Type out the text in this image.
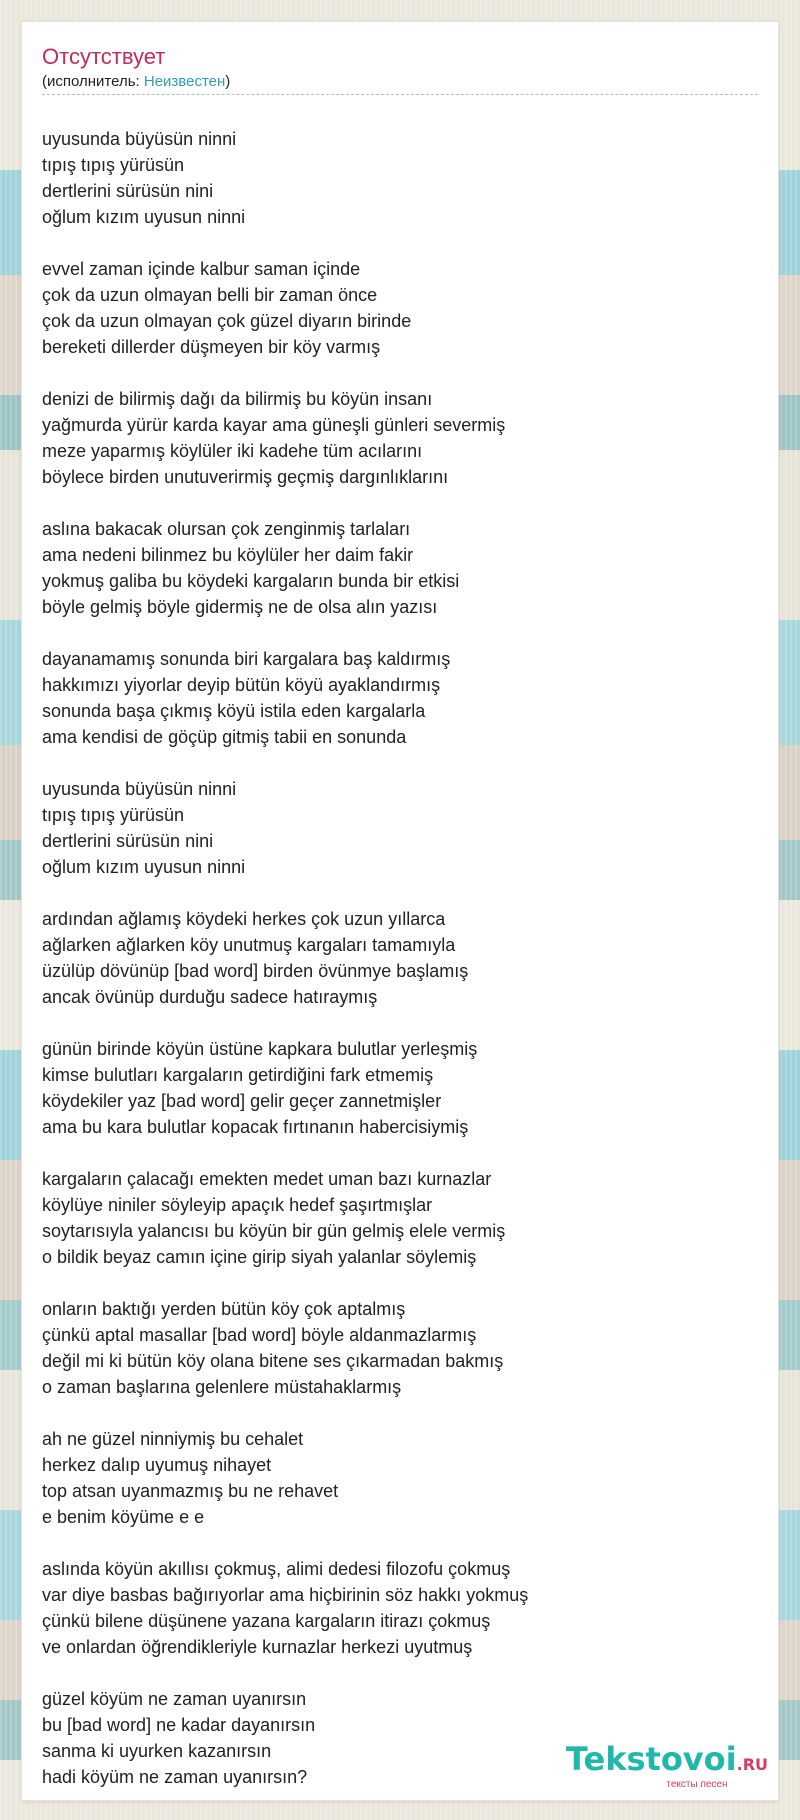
Отсутствует
(исполнитель: Неизвестен)
uyusunda büyüsün ninni
tıpış tıpış yürüsün
dertlerini sürüsün nini
oğlum kızım uyusun ninni
evvel zaman içinde kalbur saman içinde
çok da uzun olmayan belli bir zaman önce
çok da uzun olmayan çok güzel diyarın birinde
bereketi dillerder düşmeyen bir köy varmış
denizi de bilirmiş dağı da bilirmiş bu köyün insanı
yağmurda yürür karda kayar ama güneşli günleri severmiş
meze yaparmış köylüler iki kadehe tüm acılarını
böylece birden unutuverirmiş geçmiş dargınlıklarını
aslına bakacak olursan çok zenginmiş tarlaları
ama nedeni bilinmez bu köylüler her daim fakir
yokmuş galiba bu köydeki kargaların bunda bir etkisi
böyle gelmiş böyle gidermiş ne de olsa alın yazısı
dayanamamış sonunda biri kargalara baş kaldırmış
hakkımızı yiyorlar deyip bütün köyü ayaklandırmış
sonunda başa çıkmış köyü istila eden kargalarla
ama kendisi de göçüp gitmiş tabii en sonunda
uyusunda büyüsün ninni
tıpış tıpış yürüsün
dertlerini sürüsün nini
oğlum kızım uyusun ninni
ardından ağlamış köydeki herkes çok uzun yıllarca
ağlarken ağlarken köy unutmuş kargaları tamamıyla
üzülüp dövünüp [bad word] birden övünmye başlamış
ancak övünüp durduğu sadece hatıraymış
günün birinde köyün üstüne kapkara bulutlar yerleşmiş
kimse bulutları kargaların getirdiğini fark etmemiş
köydekiler yaz [bad word] gelir geçer zannetmişler
ama bu kara bulutlar kopacak fırtınanın habercisiymiş
kargaların çalacağı emekten medet uman bazı kurnazlar
köylüye niniler söyleyip apaçık hedef şaşırtmışlar
soytarısıyla yalancısı bu köyün bir gün gelmiş elele vermiş
o bildik beyaz camın içine girip siyah yalanlar söylemiş
onların baktığı yerden bütün köy çok aptalmış
çünkü aptal masallar [bad word] böyle aldanmazlarmış
değil mi ki bütün köy olana bitene ses çıkarmadan bakmış
o zaman başlarına gelenlere müstahaklarmış
ah ne güzel ninniymiş bu cehalet
herkez dalıp uyumuş nihayet
top atsan uyanmazmış bu ne rehavet
e benim köyüme e e
aslında köyün akıllısı çokmuş, alimi dedesi filozofu çokmuş
var diye basbas bağırıyorlar ama hiçbirinin söz hakkı yokmuş
çünkü bilene düşünene yazana kargaların itirazı çokmuş
ve onlardan öğrendikleriyle kurnazlar herkezi uyutmuş
güzel köyüm ne zaman uyanırsın
bu [bad word] ne kadar dayanırsın
sanma ki uyurken kazanırsın
hadi köyüm ne zaman uyanırsın?	Tekstovoi.RU
тексты песен
